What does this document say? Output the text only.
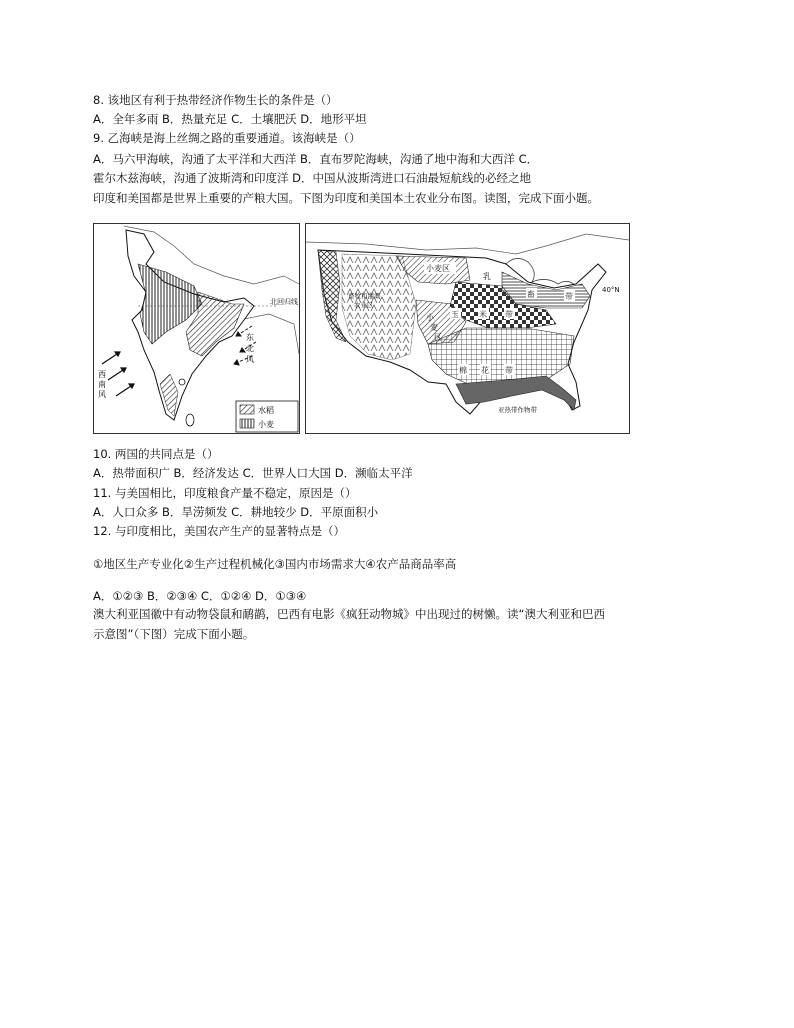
8. 该地区有利于热带经济作物生长的条件是（）
A．全年多雨 B．热量充足 C．土壤肥沃 D．地形平坦
9. 乙海峡是海上丝绸之路的重要通道。该海峡是（）
A．马六甲海峡，沟通了太平洋和大西洋 B．直布罗陀海峡，沟通了地中海和大西洋 C．
霍尔木兹海峡，沟通了波斯湾和印度洋 D．中国从波斯湾进口石油最短航线的必经之地
印度和美国都是世界上重要的产粮大国。下图为印度和美国本土农业分布图。读图，完成下面小题。
北回归线
西
南
风
东
北
风
水稻
小麦
小麦区
畜牧和灌溉
农业区
乳
畜	带
40°N
玉	米 带
小
麦
区
棉 花 带
亚热带作物带
10. 两国的共同点是（）
A．热带面积广 B．经济发达 C．世界人口大国 D．濒临太平洋
11. 与美国相比，印度粮食产量不稳定，原因是（）
A．人口众多 B．旱涝频发 C．耕地较少 D．平原面积小
12. 与印度相比，美国农产生产的显著特点是（）
①地区生产专业化②生产过程机械化③国内市场需求大④农产品商品率高
A．①②③ B．②③④ C．①②④ D．①③④
澳大利亚国徽中有动物袋鼠和鸸鹋，巴西有电影《疯狂动物城》中出现过的树懒。读“澳大利亚和巴西
示意图”（下图）完成下面小题。
